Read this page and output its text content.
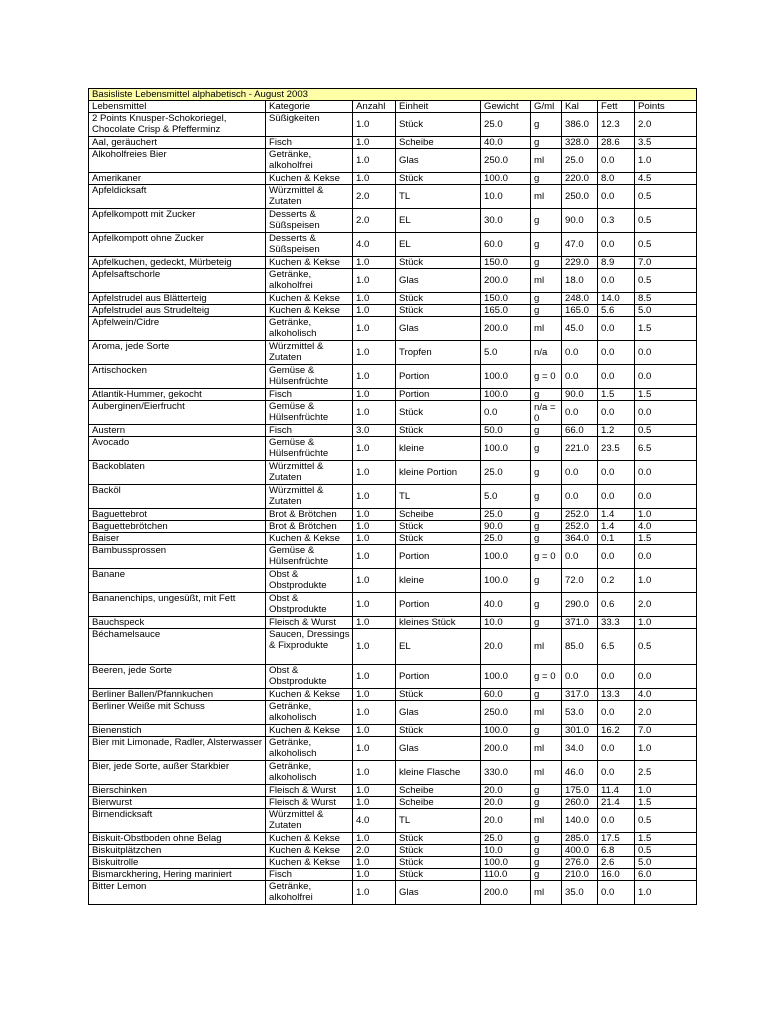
Basisliste Lebensmittel alphabetisch - August 2003								
Lebensmittel	Kategorie	Anzahl	Einheit	Gewicht	G/ml	Kal	Fett	Points
2 Points Knusper-Schokoriegel, Chocolate Crisp & Pfefferminz	Süßigkeiten	1.0	Stück	25.0	g	386.0	12.3	2.0
Aal, geräuchert	Fisch	1.0	Scheibe	40.0	g	328.0	28.6	3.5
Alkoholfreies Bier	Getränke, alkoholfrei	1.0	Glas	250.0	ml	25.0	0.0	1.0
Amerikaner	Kuchen & Kekse	1.0	Stück	100.0	g	220.0	8.0	4.5
Apfeldicksaft	Würzmittel & Zutaten	2.0	TL	10.0	ml	250.0	0.0	0.5
Apfelkompott mit Zucker	Desserts & Süßspeisen	2.0	EL	30.0	g	90.0	0.3	0.5
Apfelkompott ohne Zucker	Desserts & Süßspeisen	4.0	EL	60.0	g	47.0	0.0	0.5
Apfelkuchen, gedeckt, Mürbeteig	Kuchen & Kekse	1.0	Stück	150.0	g	229.0	8.9	7.0
Apfelsaftschorle	Getränke, alkoholfrei	1.0	Glas	200.0	ml	18.0	0.0	0.5
Apfelstrudel aus Blätterteig	Kuchen & Kekse	1.0	Stück	150.0	g	248.0	14.0	8.5
Apfelstrudel aus Strudelteig	Kuchen & Kekse	1.0	Stück	165.0	g	165.0	5.6	5.0
Apfelwein/Cidre	Getränke, alkoholisch	1.0	Glas	200.0	ml	45.0	0.0	1.5
Aroma, jede Sorte	Würzmittel & Zutaten	1.0	Tropfen	5.0	n/a	0.0	0.0	0.0
Artischocken	Gemüse & Hülsenfrüchte	1.0	Portion	100.0	g = 0	0.0	0.0	0.0
Atlantik-Hummer, gekocht	Fisch	1.0	Portion	100.0	g	90.0	1.5	1.5
Auberginen/Eierfrucht	Gemüse & Hülsenfrüchte	1.0	Stück	0.0	n/a = 0	0.0	0.0	0.0
Austern	Fisch	3.0	Stück	50.0	g	66.0	1.2	0.5
Avocado	Gemüse & Hülsenfrüchte	1.0	kleine	100.0	g	221.0	23.5	6.5
Backoblaten	Würzmittel & Zutaten	1.0	kleine Portion	25.0	g	0.0	0.0	0.0
Backöl	Würzmittel & Zutaten	1.0	TL	5.0	g	0.0	0.0	0.0
Baguettebrot	Brot & Brötchen	1.0	Scheibe	25.0	g	252.0	1.4	1.0
Baguettebrötchen	Brot & Brötchen	1.0	Stück	90.0	g	252.0	1.4	4.0
Baiser	Kuchen & Kekse	1.0	Stück	25.0	g	364.0	0.1	1.5
Bambussprossen	Gemüse & Hülsenfrüchte	1.0	Portion	100.0	g = 0	0.0	0.0	0.0
Banane	Obst & Obstprodukte	1.0	kleine	100.0	g	72.0	0.2	1.0
Bananenchips, ungesüßt, mit Fett	Obst & Obstprodukte	1.0	Portion	40.0	g	290.0	0.6	2.0
Bauchspeck	Fleisch & Wurst	1.0	kleines Stück	10.0	g	371.0	33.3	1.0
Béchamelsauce	Saucen, Dressings & Fixprodukte	1.0	EL	20.0	ml	85.0	6.5	0.5
Beeren, jede Sorte	Obst & Obstprodukte	1.0	Portion	100.0	g = 0	0.0	0.0	0.0
Berliner Ballen/Pfannkuchen	Kuchen & Kekse	1.0	Stück	60.0	g	317.0	13.3	4.0
Berliner Weiße mit Schuss	Getränke, alkoholisch	1.0	Glas	250.0	ml	53.0	0.0	2.0
Bienenstich	Kuchen & Kekse	1.0	Stück	100.0	g	301.0	16.2	7.0
Bier mit Limonade, Radler, Alsterwasser	Getränke, alkoholisch	1.0	Glas	200.0	ml	34.0	0.0	1.0
Bier, jede Sorte, außer Starkbier	Getränke, alkoholisch	1.0	kleine Flasche	330.0	ml	46.0	0.0	2.5
Bierschinken	Fleisch & Wurst	1.0	Scheibe	20.0	g	175.0	11.4	1.0
Bierwurst	Fleisch & Wurst	1.0	Scheibe	20.0	g	260.0	21.4	1.5
Birnendicksaft	Würzmittel & Zutaten	4.0	TL	20.0	ml	140.0	0.0	0.5
Biskuit-Obstboden ohne Belag	Kuchen & Kekse	1.0	Stück	25.0	g	285.0	17.5	1.5
Biskuitplätzchen	Kuchen & Kekse	2.0	Stück	10.0	g	400.0	6.8	0.5
Biskuitrolle	Kuchen & Kekse	1.0	Stück	100.0	g	276.0	2.6	5.0
Bismarckhering, Hering mariniert	Fisch	1.0	Stück	110.0	g	210.0	16.0	6.0
Bitter Lemon	Getränke, alkoholfrei	1.0	Glas	200.0	ml	35.0	0.0	1.0
